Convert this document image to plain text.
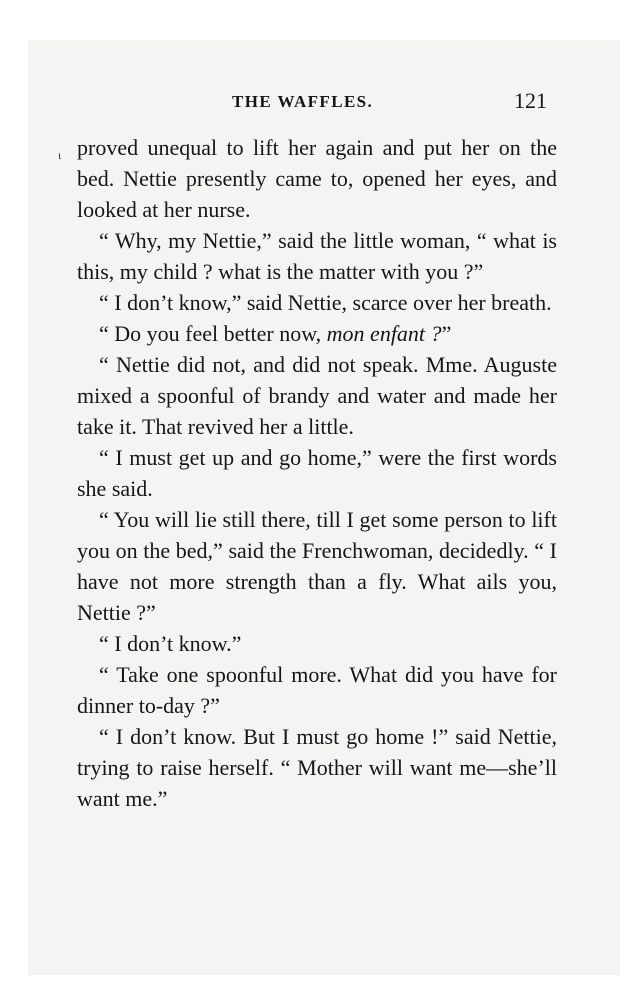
THE WAFFLES.	121
ι proved unequal to lift her again and put her on the bed. Nettie presently came to, opened her eyes, and looked at her nurse.

“ Why, my Nettie,” said the little woman, “ what is this, my child ? what is the matter with you ?”

“ I don’t know,” said Nettie, scarce over her breath.

“ Do you feel better now, mon enfant ?”

“ Nettie did not, and did not speak. Mme. Auguste mixed a spoonful of brandy and water and made her take it. That revived her a little.

“ I must get up and go home,” were the first words she said.

“ You will lie still there, till I get some person to lift you on the bed,” said the Frenchwoman, decidedly. “ I have not more strength than a fly. What ails you, Nettie ?”

“ I don’t know.”

“ Take one spoonful more. What did you have for dinner to-day ?”

“ I don’t know. But I must go home !” said Nettie, trying to raise herself. “ Mother will want me—she’ll want me.”
